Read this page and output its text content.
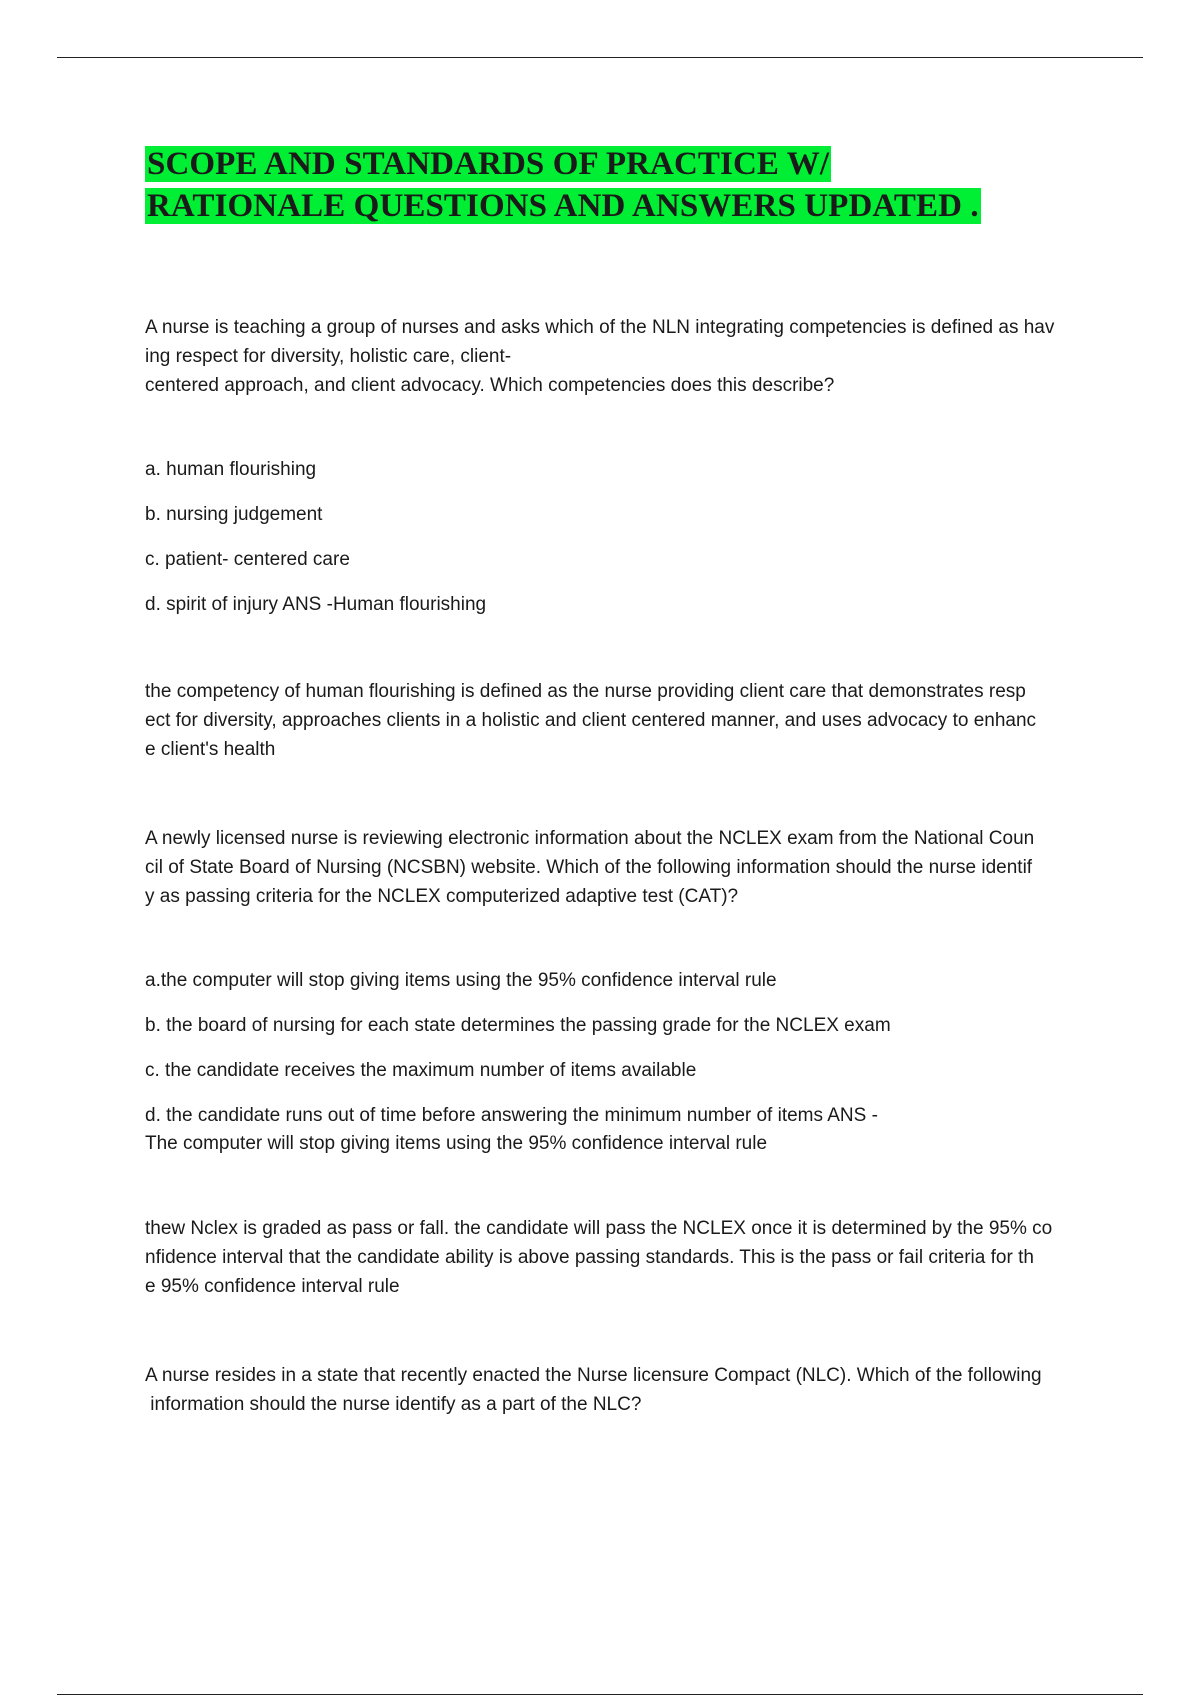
SCOPE AND STANDARDS OF PRACTICE W/
RATIONALE QUESTIONS AND ANSWERS UPDATED .

A nurse is teaching a group of nurses and asks which of the NLN integrating competencies is defined as hav

ing respect for diversity, holistic care, client-

centered approach, and client advocacy. Which competencies does this describe?

a. human flourishing

b. nursing judgement

c. patient- centered care

d. spirit of injury ANS -Human flourishing

the competency of human flourishing is defined as the nurse providing client care that demonstrates resp

ect for diversity, approaches clients in a holistic and client centered manner, and uses advocacy to enhanc

e client's health

A newly licensed nurse is reviewing electronic information about the NCLEX exam from the National Coun

cil of State Board of Nursing (NCSBN) website. Which of the following information should the nurse identif

y as passing criteria for the NCLEX computerized adaptive test (CAT)?

a.the computer will stop giving items using the 95% confidence interval rule

b. the board of nursing for each state determines the passing grade for the NCLEX exam

c. the candidate receives the maximum number of items available

d. the candidate runs out of time before answering the minimum number of items ANS -
The computer will stop giving items using the 95% confidence interval rule

thew Nclex is graded as pass or fall. the candidate will pass the NCLEX once it is determined by the 95% co

nfidence interval that the candidate ability is above passing standards. This is the pass or fail criteria for th

e 95% confidence interval rule

A nurse resides in a state that recently enacted the Nurse licensure Compact (NLC). Which of the following

information should the nurse identify as a part of the NLC?
